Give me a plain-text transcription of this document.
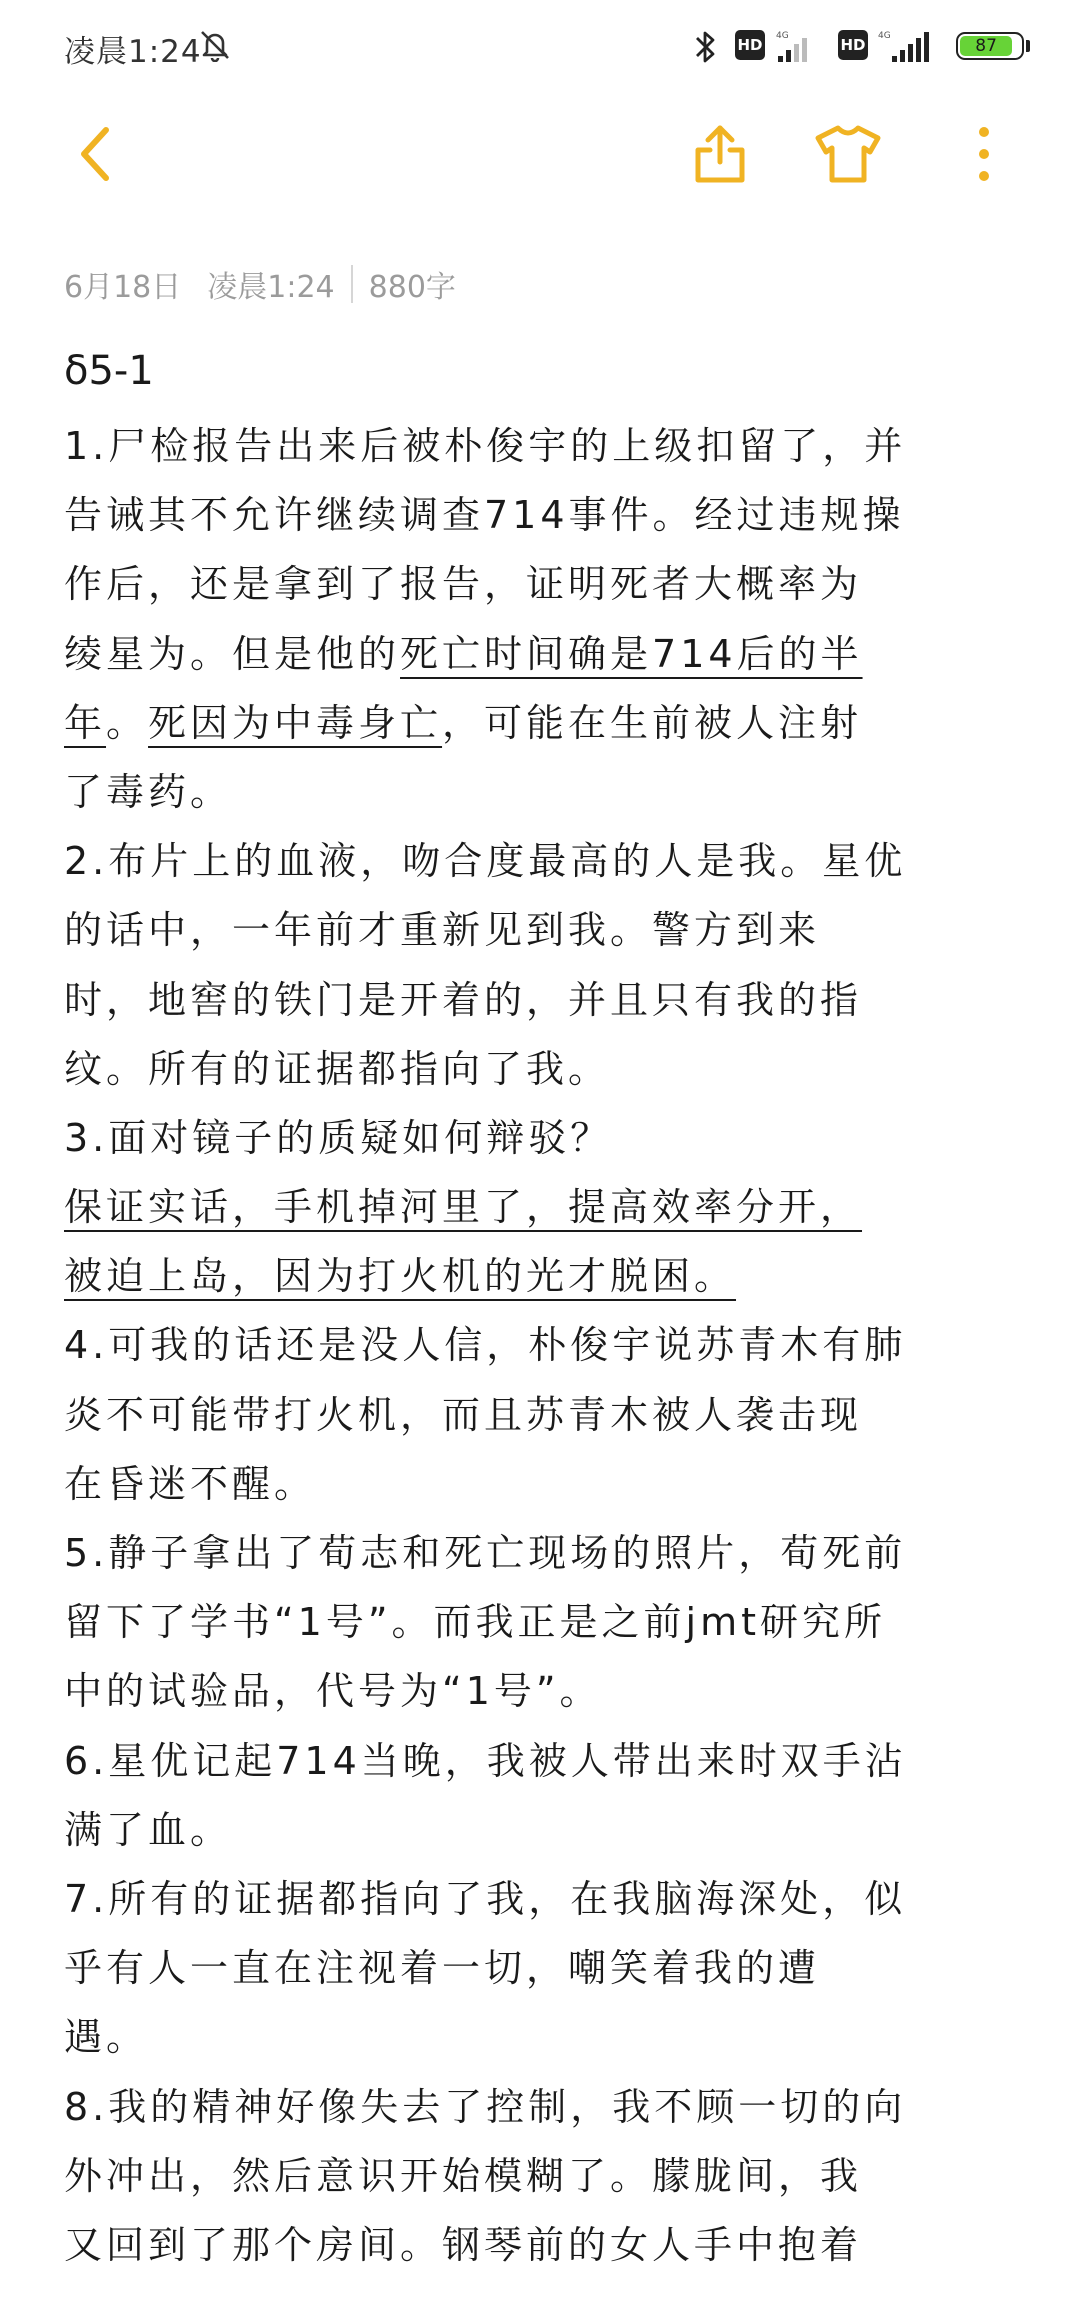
凌晨1:24	HD 4G	HD 4G	87
6月18日 凌晨1:24 880字
δ5-1
1.尸检报告出来后被朴俊宇的上级扣留了，并
告诫其不允许继续调查714事件。经过违规操
作后，还是拿到了报告，证明死者大概率为
绫星为。但是他的死亡时间确是714后的半
年。死因为中毒身亡，可能在生前被人注射
了毒药。
2.布片上的血液，吻合度最高的人是我。星优
的话中，一年前才重新见到我。警方到来
时，地窖的铁门是开着的，并且只有我的指
纹。所有的证据都指向了我。
3.面对镜子的质疑如何辩驳？
保证实话，手机掉河里了，提高效率分开，
被迫上岛，因为打火机的光才脱困。
4.可我的话还是没人信，朴俊宇说苏青木有肺
炎不可能带打火机，而且苏青木被人袭击现
在昏迷不醒。
5.静子拿出了荀志和死亡现场的照片，荀死前
留下了学书“1号”。而我正是之前jmt研究所
中的试验品，代号为“1号”。
6.星优记起714当晚，我被人带出来时双手沾
满了血。
7.所有的证据都指向了我，在我脑海深处，似
乎有人一直在注视着一切，嘲笑着我的遭
遇。
8.我的精神好像失去了控制，我不顾一切的向
外冲出，然后意识开始模糊了。朦胧间，我
又回到了那个房间。钢琴前的女人手中抱着
